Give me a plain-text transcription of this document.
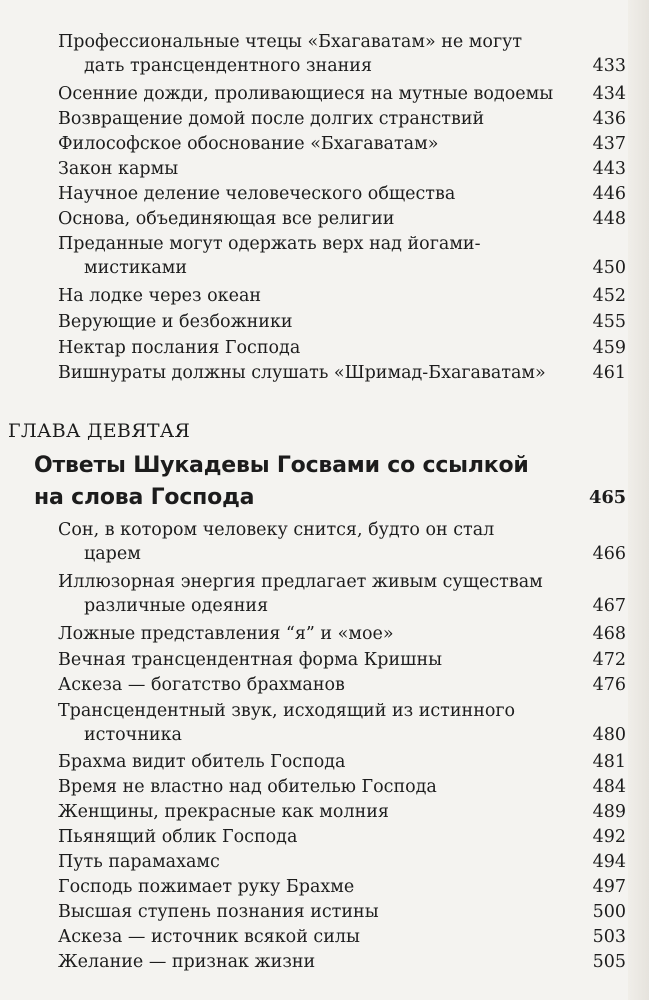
Профессиональные чтецы «Бхагаватам» не могут
дать трансцендентного знания	433
Осенние дожди, проливающиеся на мутные водоемы	434
Возвращение домой после долгих странствий	436
Философское обоснование «Бхагаватам»	437
Закон кармы	443
Научное деление человеческого общества	446
Основа, объединяющая все религии	448
Преданные могут одержать верх над йогами-
мистиками	450
На лодке через океан	452
Верующие и безбожники	455
Нектар послания Господа	459
Вишнураты должны слушать «Шримад-Бхагаватам»	461
ГЛАВА ДЕВЯТАЯ
Ответы Шукадевы Госвами со ссылкой
на слова Господа	465
Сон, в котором человеку снится, будто он стал
царем	466
Иллюзорная энергия предлагает живым существам
различные одеяния	467
Ложные представления “я” и «мое»	468
Вечная трансцендентная форма Кришны	472
Аскеза — богатство брахманов	476
Трансцендентный звук, исходящий из истинного
источника	480
Брахма видит обитель Господа	481
Время не властно над обителью Господа	484
Женщины, прекрасные как молния	489
Пьянящий облик Господа	492
Путь парамахамс	494
Господь пожимает руку Брахме	497
Высшая ступень познания истины	500
Аскеза — источник всякой силы	503
Желание — признак жизни	505
